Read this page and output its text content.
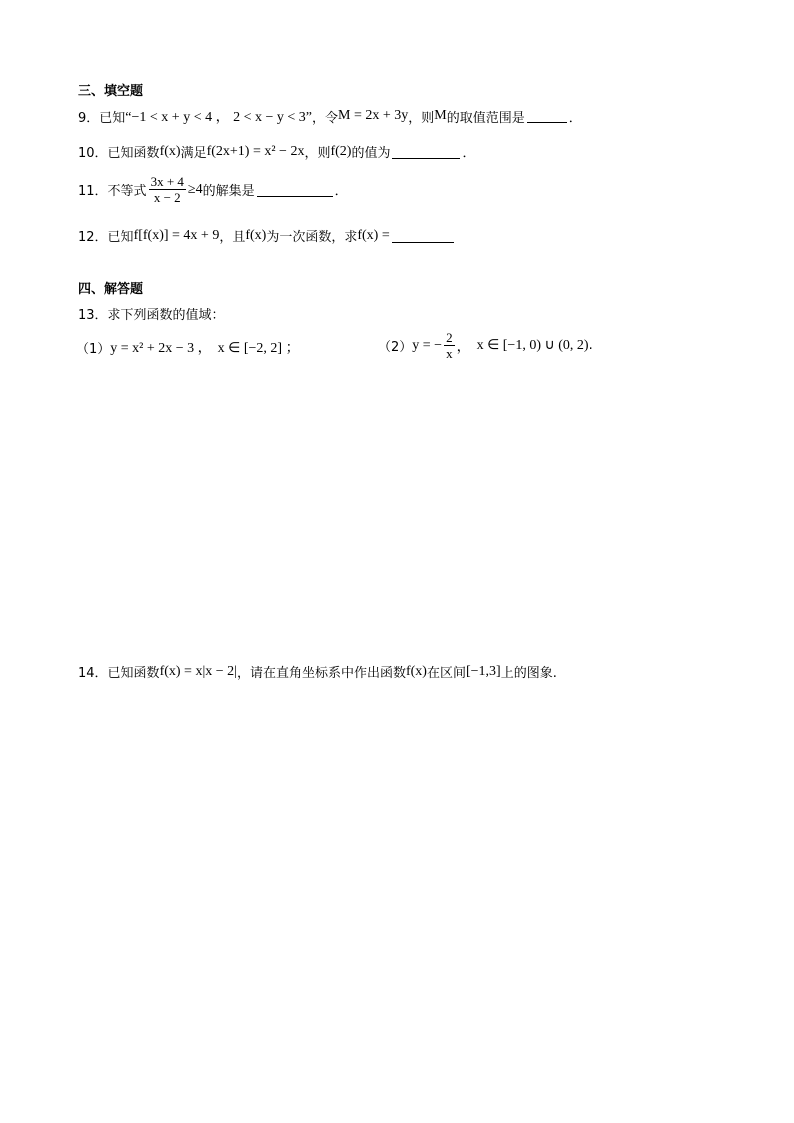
三、填空题
9． 已知 “−1 < x + y < 4 ， 2 < x − y < 3” ，令 M = 2x + 3y ，则 M 的取值范围是	．
10． 已知函数 f(x) 满足 f(2x+1) = x² − 2x ，则 f(2) 的值为	．
11． 不等式 $\frac{3x + 4}{x - 2} \ge 4$ 的解集是	．
12． 已知 f[f(x)] = 4x + 9 ，且 f(x) 为一次函数，求 f(x) =
四、解答题
13． 求下列函数的值域：
（1） y = x² + 2x − 3 ， x ∈ [−2, 2] ；	（2） y = − $\frac{2}{x}$ ， x ∈ [−1, 0) ∪ (0, 2) .
14． 已知函数 f(x) = x|x − 2| ，请在直角坐标系中作出函数 f(x) 在区间 [−1,3] 上的图象.
